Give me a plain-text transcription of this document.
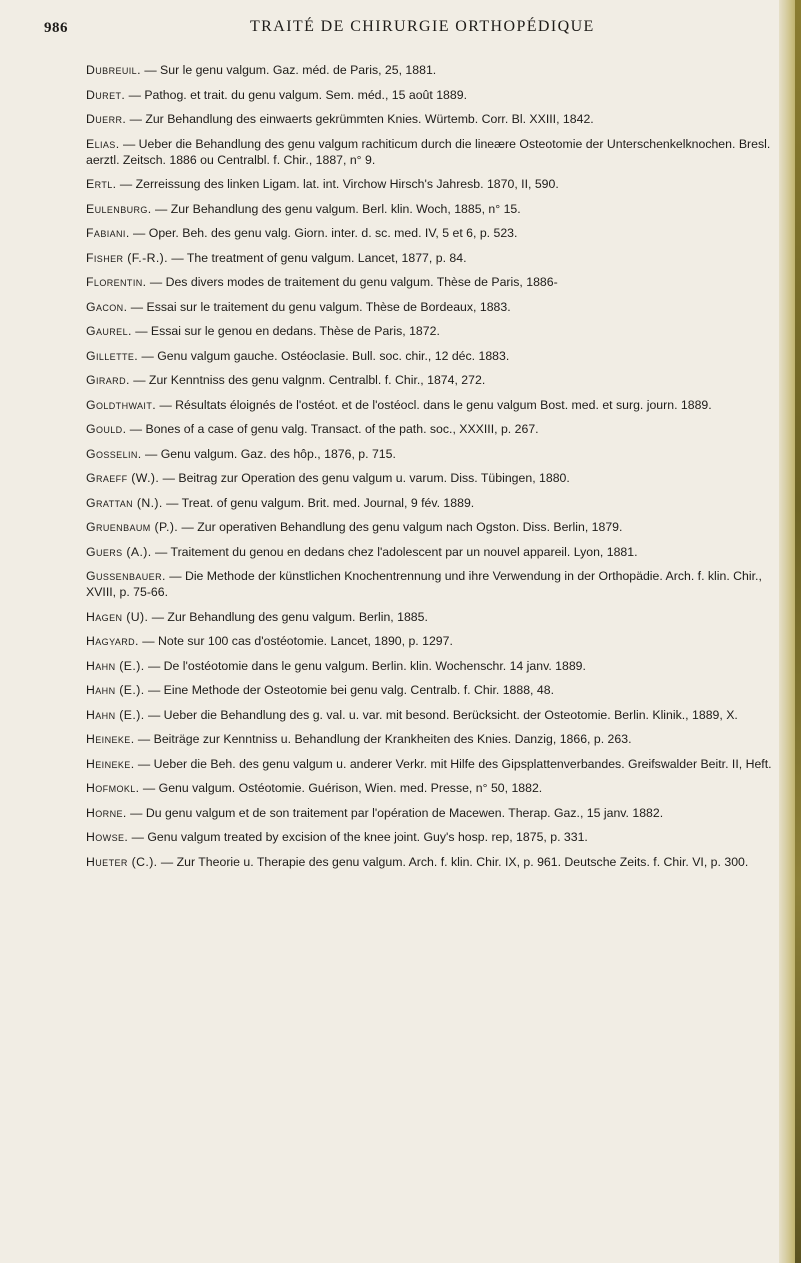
986	TRAITÉ DE CHIRURGIE ORTHOPÉDIQUE

Dubreuil. — Sur le genu valgum. Gaz. méd. de Paris, 25, 1881.

Duret. — Pathog. et trait. du genu valgum. Sem. méd., 15 août 1889.

Duerr. — Zur Behandlung des einwaerts gekrümmten Knies. Würtemb. Corr. Bl. XXIII, 1842.

Elias. — Ueber die Behandlung des genu valgum rachiticum durch die lineære Osteotomie der Unterschenkelknochen. Bresl. aerztl. Zeitsch. 1886 ou Centralbl. f. Chir., 1887, n° 9.

Ertl. — Zerreissung des linken Ligam. lat. int. Virchow Hirsch's Jahresb. 1870, II, 590.

Eulenburg. — Zur Behandlung des genu valgum. Berl. klin. Woch, 1885, n° 15.

Fabiani. — Oper. Beh. des genu valg. Giorn. inter. d. sc. med. IV, 5 et 6, p. 523.

Fisher (F.-R.). — The treatment of genu valgum. Lancet, 1877, p. 84.

Florentin. — Des divers modes de traitement du genu valgum. Thèse de Paris, 1886-

Gacon. — Essai sur le traitement du genu valgum. Thèse de Bordeaux, 1883.

Gaurel. — Essai sur le genou en dedans. Thèse de Paris, 1872.

Gillette. — Genu valgum gauche. Ostéoclasie. Bull. soc. chir., 12 déc. 1883.

Girard. — Zur Kenntniss des genu valgnm. Centralbl. f. Chir., 1874, 272.

Goldthwait. — Résultats éloignés de l'ostéot. et de l'ostéocl. dans le genu valgum Bost. med. et surg. journ. 1889.

Gould. — Bones of a case of genu valg. Transact. of the path. soc., XXXIII, p. 267.

Gosselin. — Genu valgum. Gaz. des hôp., 1876, p. 715.

Graeff (W.). — Beitrag zur Operation des genu valgum u. varum. Diss. Tübingen, 1880.

Grattan (N.). — Treat. of genu valgum. Brit. med. Journal, 9 fév. 1889.

Gruenbaum (P.). — Zur operativen Behandlung des genu valgum nach Ogston. Diss. Berlin, 1879.

Guers (A.). — Traitement du genou en dedans chez l'adolescent par un nouvel appareil. Lyon, 1881.

Gussenbauer. — Die Methode der künstlichen Knochentrennung und ihre Verwendung in der Orthopädie. Arch. f. klin. Chir., XVIII, p. 75-66.

Hagen (U). — Zur Behandlung des genu valgum. Berlin, 1885.

Hagyard. — Note sur 100 cas d'ostéotomie. Lancet, 1890, p. 1297.

Hahn (E.). — De l'ostéotomie dans le genu valgum. Berlin. klin. Wochenschr. 14 janv. 1889.

Hahn (E.). — Eine Methode der Osteotomie bei genu valg. Centralb. f. Chir. 1888, 48.

Hahn (E.). — Ueber die Behandlung des g. val. u. var. mit besond. Berücksicht. der Osteotomie. Berlin. Klinik., 1889, X.

Heineke. — Beiträge zur Kenntniss u. Behandlung der Krankheiten des Knies. Danzig, 1866, p. 263.

Heineke. — Ueber die Beh. des genu valgum u. anderer Verkr. mit Hilfe des Gipsplattenverbandes. Greifswalder Beitr. II, Heft.

Hofmokl. — Genu valgum. Ostéotomie. Guérison, Wien. med. Presse, n° 50, 1882.

Horne. — Du genu valgum et de son traitement par l'opération de Macewen. Therap. Gaz., 15 janv. 1882.

Howse. — Genu valgum treated by excision of the knee joint. Guy's hosp. rep, 1875, p. 331.

Hueter (C.). — Zur Theorie u. Therapie des genu valgum. Arch. f. klin. Chir. IX, p. 961. Deutsche Zeits. f. Chir. VI, p. 300.
